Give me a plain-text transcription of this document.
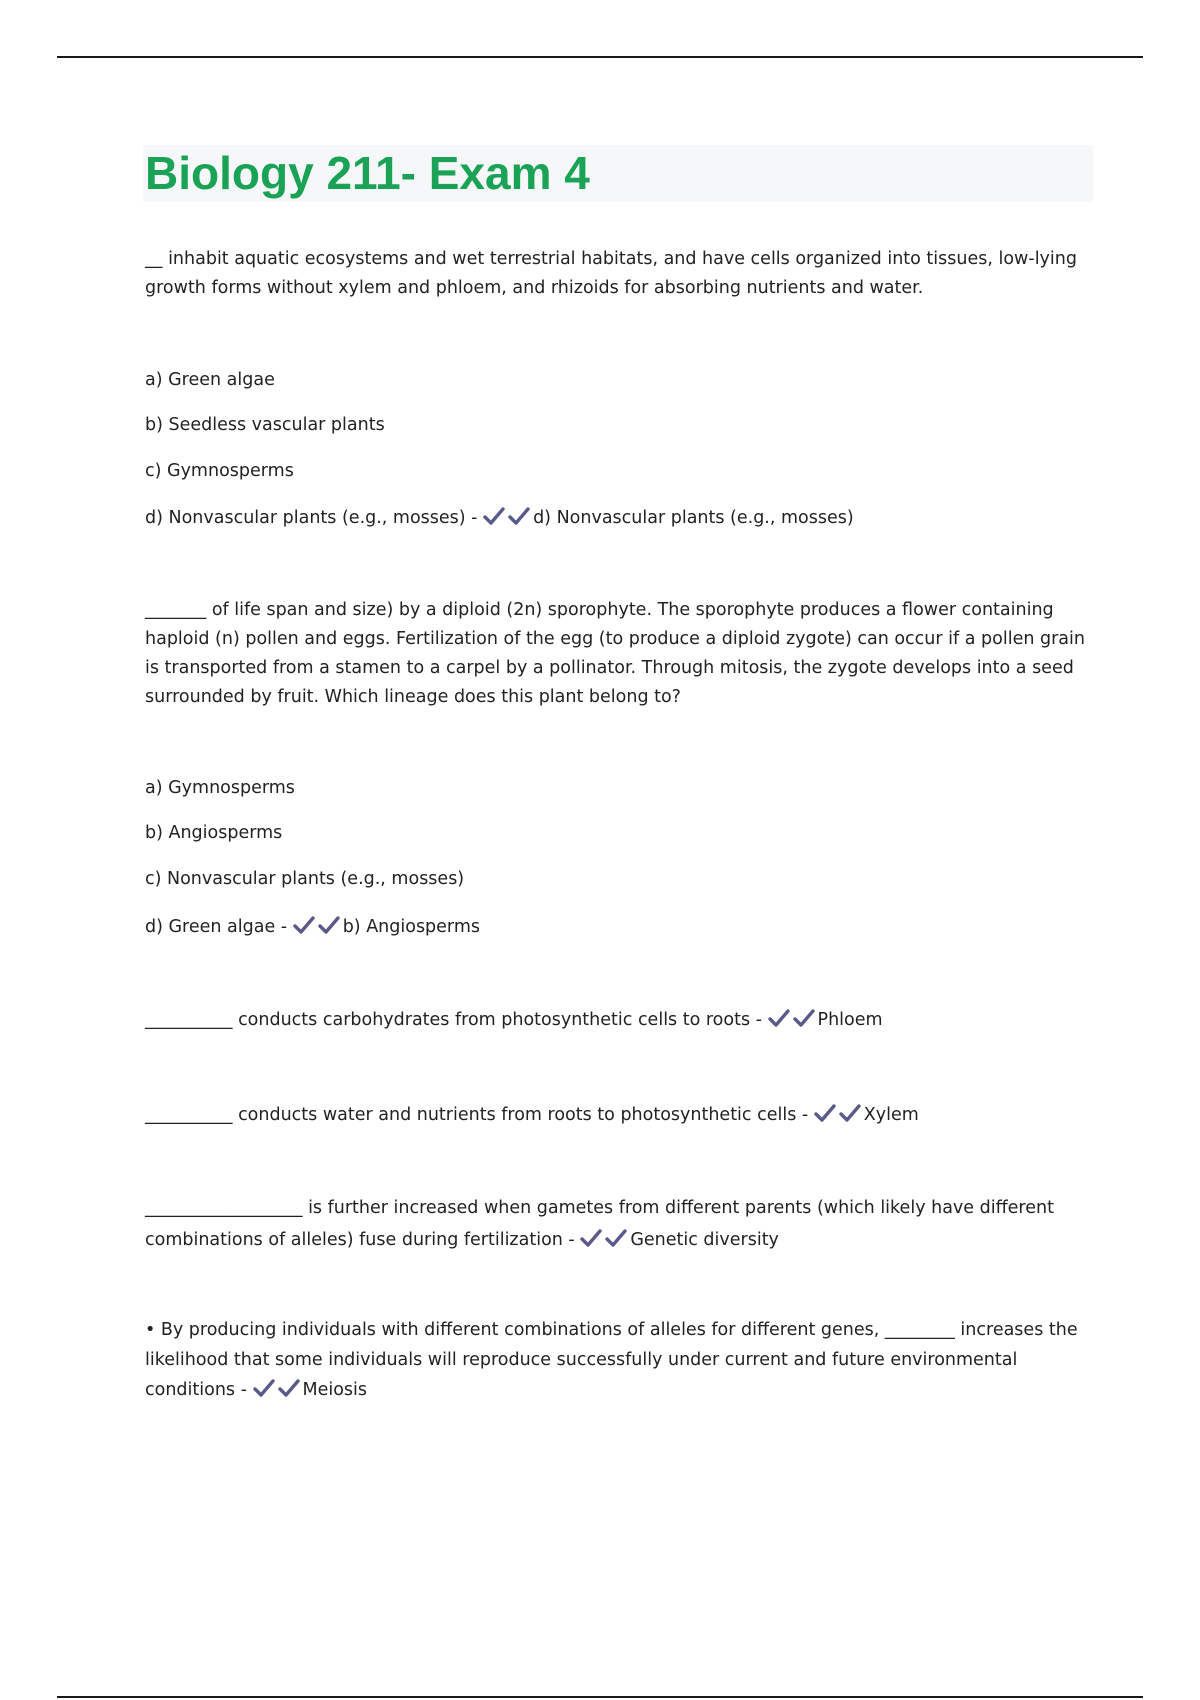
Biology 211- Exam 4

__ inhabit aquatic ecosystems and wet terrestrial habitats, and have cells organized into tissues, low-lying growth forms without xylem and phloem, and rhizoids for absorbing nutrients and water.

a) Green algae

b) Seedless vascular plants

c) Gymnosperms

d) Nonvascular plants (e.g., mosses) -	d) Nonvascular plants (e.g., mosses)

_______ of life span and size) by a diploid (2n) sporophyte. The sporophyte produces a flower containing haploid (n) pollen and eggs. Fertilization of the egg (to produce a diploid zygote) can occur if a pollen grain is transported from a stamen to a carpel by a pollinator. Through mitosis, the zygote develops into a seed surrounded by fruit. Which lineage does this plant belong to?

a) Gymnosperms

b) Angiosperms

c) Nonvascular plants (e.g., mosses)

d) Green algae -	b) Angiosperms

__________ conducts carbohydrates from photosynthetic cells to roots -	Phloem

__________ conducts water and nutrients from roots to photosynthetic cells -	Xylem

__________________ is further increased when gametes from different parents (which likely have different combinations of alleles) fuse during fertilization -	Genetic diversity

• By producing individuals with different combinations of alleles for different genes, ________ increases the likelihood that some individuals will reproduce successfully under current and future environmental conditions -	Meiosis
